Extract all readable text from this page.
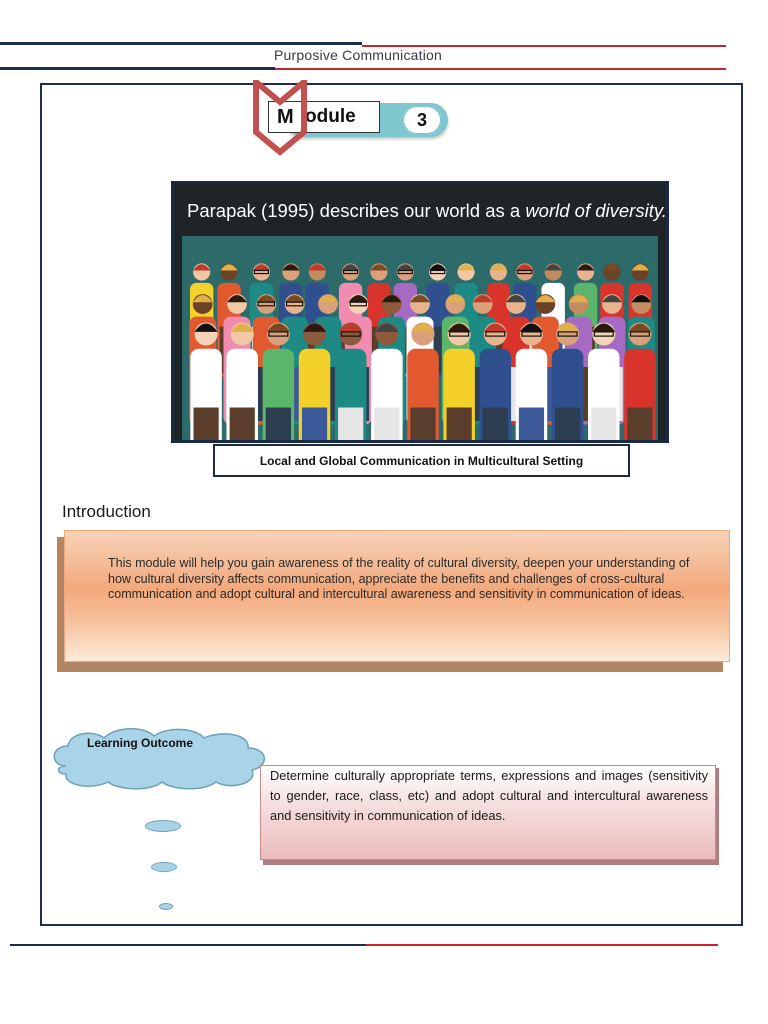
Purposive Communication
odule	3
M
Parapak (1995) describes our world as a world of diversity.
Local and Global Communication in Multicultural Setting
Introduction
This module will help you gain awareness of the reality of cultural diversity, deepen your understanding of how cultural diversity affects communication, appreciate the benefits and challenges of cross-cultural communication and adopt cultural and intercultural awareness and sensitivity in communication of ideas.
Learning Outcome
Determine culturally appropriate terms, expressions and images (sensitivity to gender, race, class, etc) and adopt cultural and intercultural awareness and sensitivity in communication of ideas.
